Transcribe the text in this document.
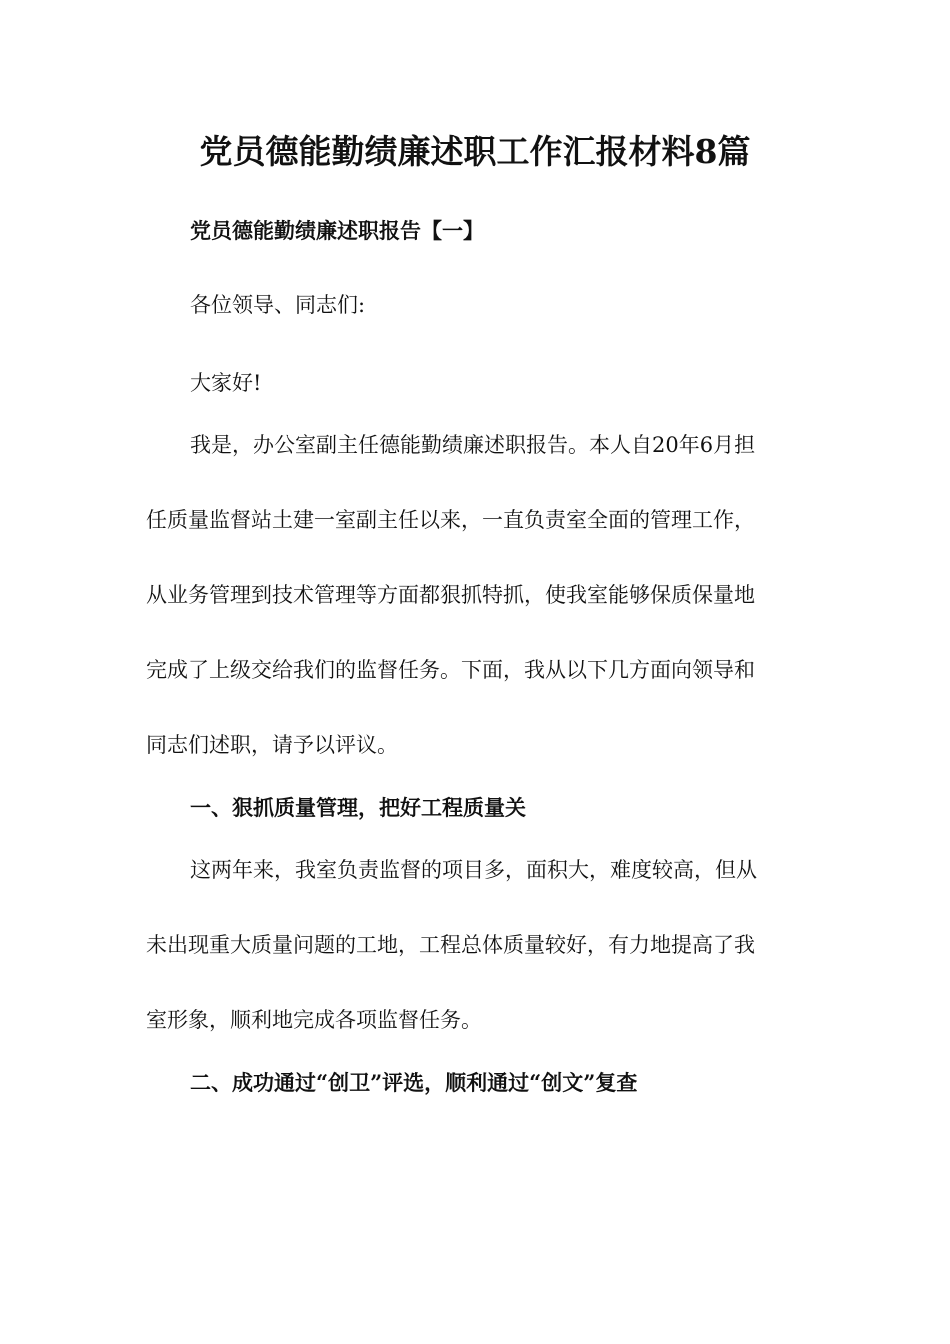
党员德能勤绩廉述职工作汇报材料8篇
党员德能勤绩廉述职报告【一】
各位领导、同志们:
大家好!
我是，办公室副主任德能勤绩廉述职报告。本人自20年6月担
任质量监督站土建一室副主任以来，一直负责室全面的管理工作，
从业务管理到技术管理等方面都狠抓特抓，使我室能够保质保量地
完成了上级交给我们的监督任务。下面，我从以下几方面向领导和
同志们述职，请予以评议。
一、狠抓质量管理，把好工程质量关
这两年来，我室负责监督的项目多，面积大，难度较高，但从
未出现重大质量问题的工地，工程总体质量较好，有力地提高了我
室形象，顺利地完成各项监督任务。
二、成功通过“创卫”评选，顺利通过“创文”复查
